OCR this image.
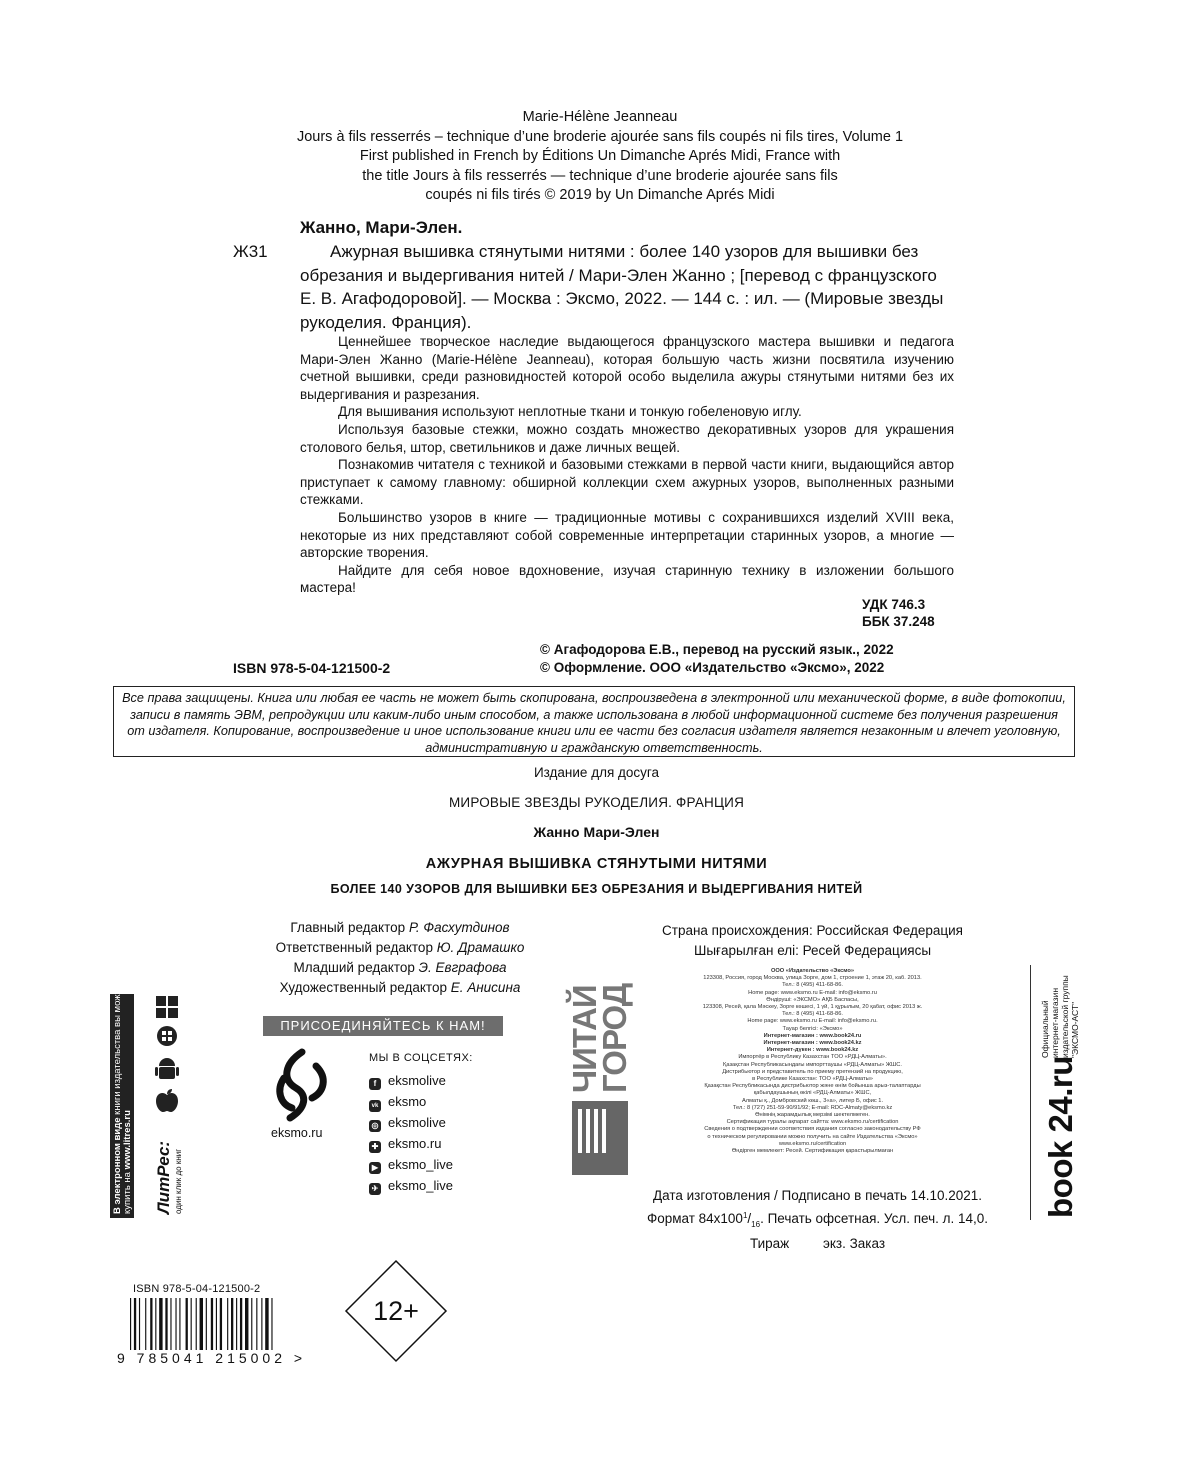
Marie-Hélène Jeanneau
Jours à fils resserrés – technique d’une broderie ajourée sans fils coupés ni fils tires, Volume 1
First published in French by Éditions Un Dimanche Aprés Midi, France with
the title Jours à fils resserrés — technique d’une broderie ajourée sans fils
coupés ni fils tirés © 2019 by Un Dimanche Aprés Midi
Жанно, Мари-Элен.
Ж31	Ажурная вышивка стянутыми нитями : более 140 узоров для вышивки без обрезания и выдергивания нитей / Мари-Элен Жанно ; [перевод с французского Е. В. Агафодоровой]. — Москва : Эксмо, 2022. — 144 с. : ил. — (Мировые звезды рукоделия. Франция).

Ценнейшее творческое наследие выдающегося французского мастера вышивки и педагога Мари-Элен Жанно (Marie-Hélène Jeanneau), которая большую часть жизни посвятила изучению счетной вышивки, среди разновидностей которой особо выделила ажуры стянутыми нитями без их выдергивания и разрезания.

Для вышивания используют неплотные ткани и тонкую гобеленовую иглу.

Используя базовые стежки, можно создать множество декоративных узоров для украшения столового белья, штор, светильников и даже личных вещей.

Познакомив читателя с техникой и базовыми стежками в первой части книги, выдающийся автор приступает к самому главному: обширной коллекции схем ажурных узоров, выполненных разными стежками.

Большинство узоров в книге — традиционные мотивы с сохранившихся изделий XVIII века, некоторые из них представляют собой современные интерпретации старинных узоров, а многие — авторские творения.

Найдите для себя новое вдохновение, изучая старинную технику в изложении большого мастера!

УДК 746.3
ББК 37.248
© Агафодорова Е.В., перевод на русский язык., 2022
© Оформление. ООО «Издательство «Эксмо», 2022
ISBN 978-5-04-121500-2
Все права защищены. Книга или любая ее часть не может быть скопирована, воспроизведена в электронной или механической форме, в виде фотокопии, записи в память ЭВМ, репродукции или каким-либо иным способом, а также использована в любой информационной системе без получения разрешения от издателя. Копирование, воспроизведение и иное использование книги или ее части без согласия издателя является незаконным и влечет уголовную, административную и гражданскую ответственность.
Издание для досуга
МИРОВЫЕ ЗВЕЗДЫ РУКОДЕЛИЯ. ФРАНЦИЯ
Жанно Мари-Элен
АЖУРНАЯ ВЫШИВКА СТЯНУТЫМИ НИТЯМИ
БОЛЕЕ 140 УЗОРОВ ДЛЯ ВЫШИВКИ БЕЗ ОБРЕЗАНИЯ И ВЫДЕРГИВАНИЯ НИТЕЙ
Главный редактор Р. Фасхутдинов
Ответственный редактор Ю. Драмашко
Младший редактор Э. Евграфова
Художественный редактор Е. Анисина
Страна происхождения: Российская Федерация
Шығарылған елі: Ресей Федерациясы
ООО «Издательство «Эксмо»
123308, Россия, город Москва, улица Зорге, дом 1, строение 1, этаж 20, каб. 2013.
Тел.: 8 (495) 411-68-86.
Home page: www.eksmo.ru E-mail: info@eksmo.ru
Өндіруші: «ЭКСМО» АҚБ Баспасы,
123308, Ресей, қала Мәскеу, Зорге көшесі, 1 үй, 1 құрылым, 20 қабат, офис 2013 ж.
Тел.: 8 (495) 411-68-86.
Home page: www.eksmo.ru E-mail: info@eksmo.ru.
Тауар белгісі: «Эксмо»
Интернет-магазин : www.book24.ru
Интернет-магазин : www.book24.kz
Интернет-дүкен : www.book24.kz
Импортёр в Республику Казахстан ТОО «РДЦ-Алматы».
Қазақстан Республикасындағы импорттаушы «РДЦ-Алматы» ЖШС.
Дистрибьютор и представитель по приему претензий на продукцию,
в Республике Казахстан: ТОО «РДЦ-Алматы»
Қазақстан Республикасында дистрибьютор және өнім бойынша арыз-талаптарды
қабылдаушының өкілі «РДЦ-Алматы» ЖШС,
Алматы қ., Домбровский көш., 3«а», литер Б, офис 1.
Тел.: 8 (727) 251-59-90/91/92; E-mail: RDC-Almaty@eksmo.kz
Өнімнің жарамдылық мерзімі шектелмеген.
Сертификация туралы ақпарат сайтта: www.eksmo.ru/certification
Сведения о подтверждении соответствия издания согласно законодательству РФ
о техническом регулировании можно получить на сайте Издательства «Эксмо»
www.eksmo.ru/certification
Өндірген мемлекет: Ресей. Сертификация қарастырылмаған
Дата изготовления / Подписано в печать 14.10.2021.
Формат $84x100^1/_{16}$. Печать офсетная. Усл. печ. л. 14,0.
Тираж         экз. Заказ
В электронном виде книги издательства вы можете
купить на www.litres.ru
ЛитРес: один клик до книг
ПРИСОЕДИНЯЙТЕСЬ К НАМ!
eksmo.ru
МЫ В СОЦСЕТЯХ:
f eksmolive
vk eksmo
◎ eksmolive
✚ eksmo.ru
▶ eksmo_live
✈ eksmo_live
ЧИТАЙ
ГОРОД	Официальный интернет-магазин издательской группы "ЭКСМО-АСТ"
book 24.ru
ISBN 978-5-04-121500-2
9 785041 215002 >
12+
